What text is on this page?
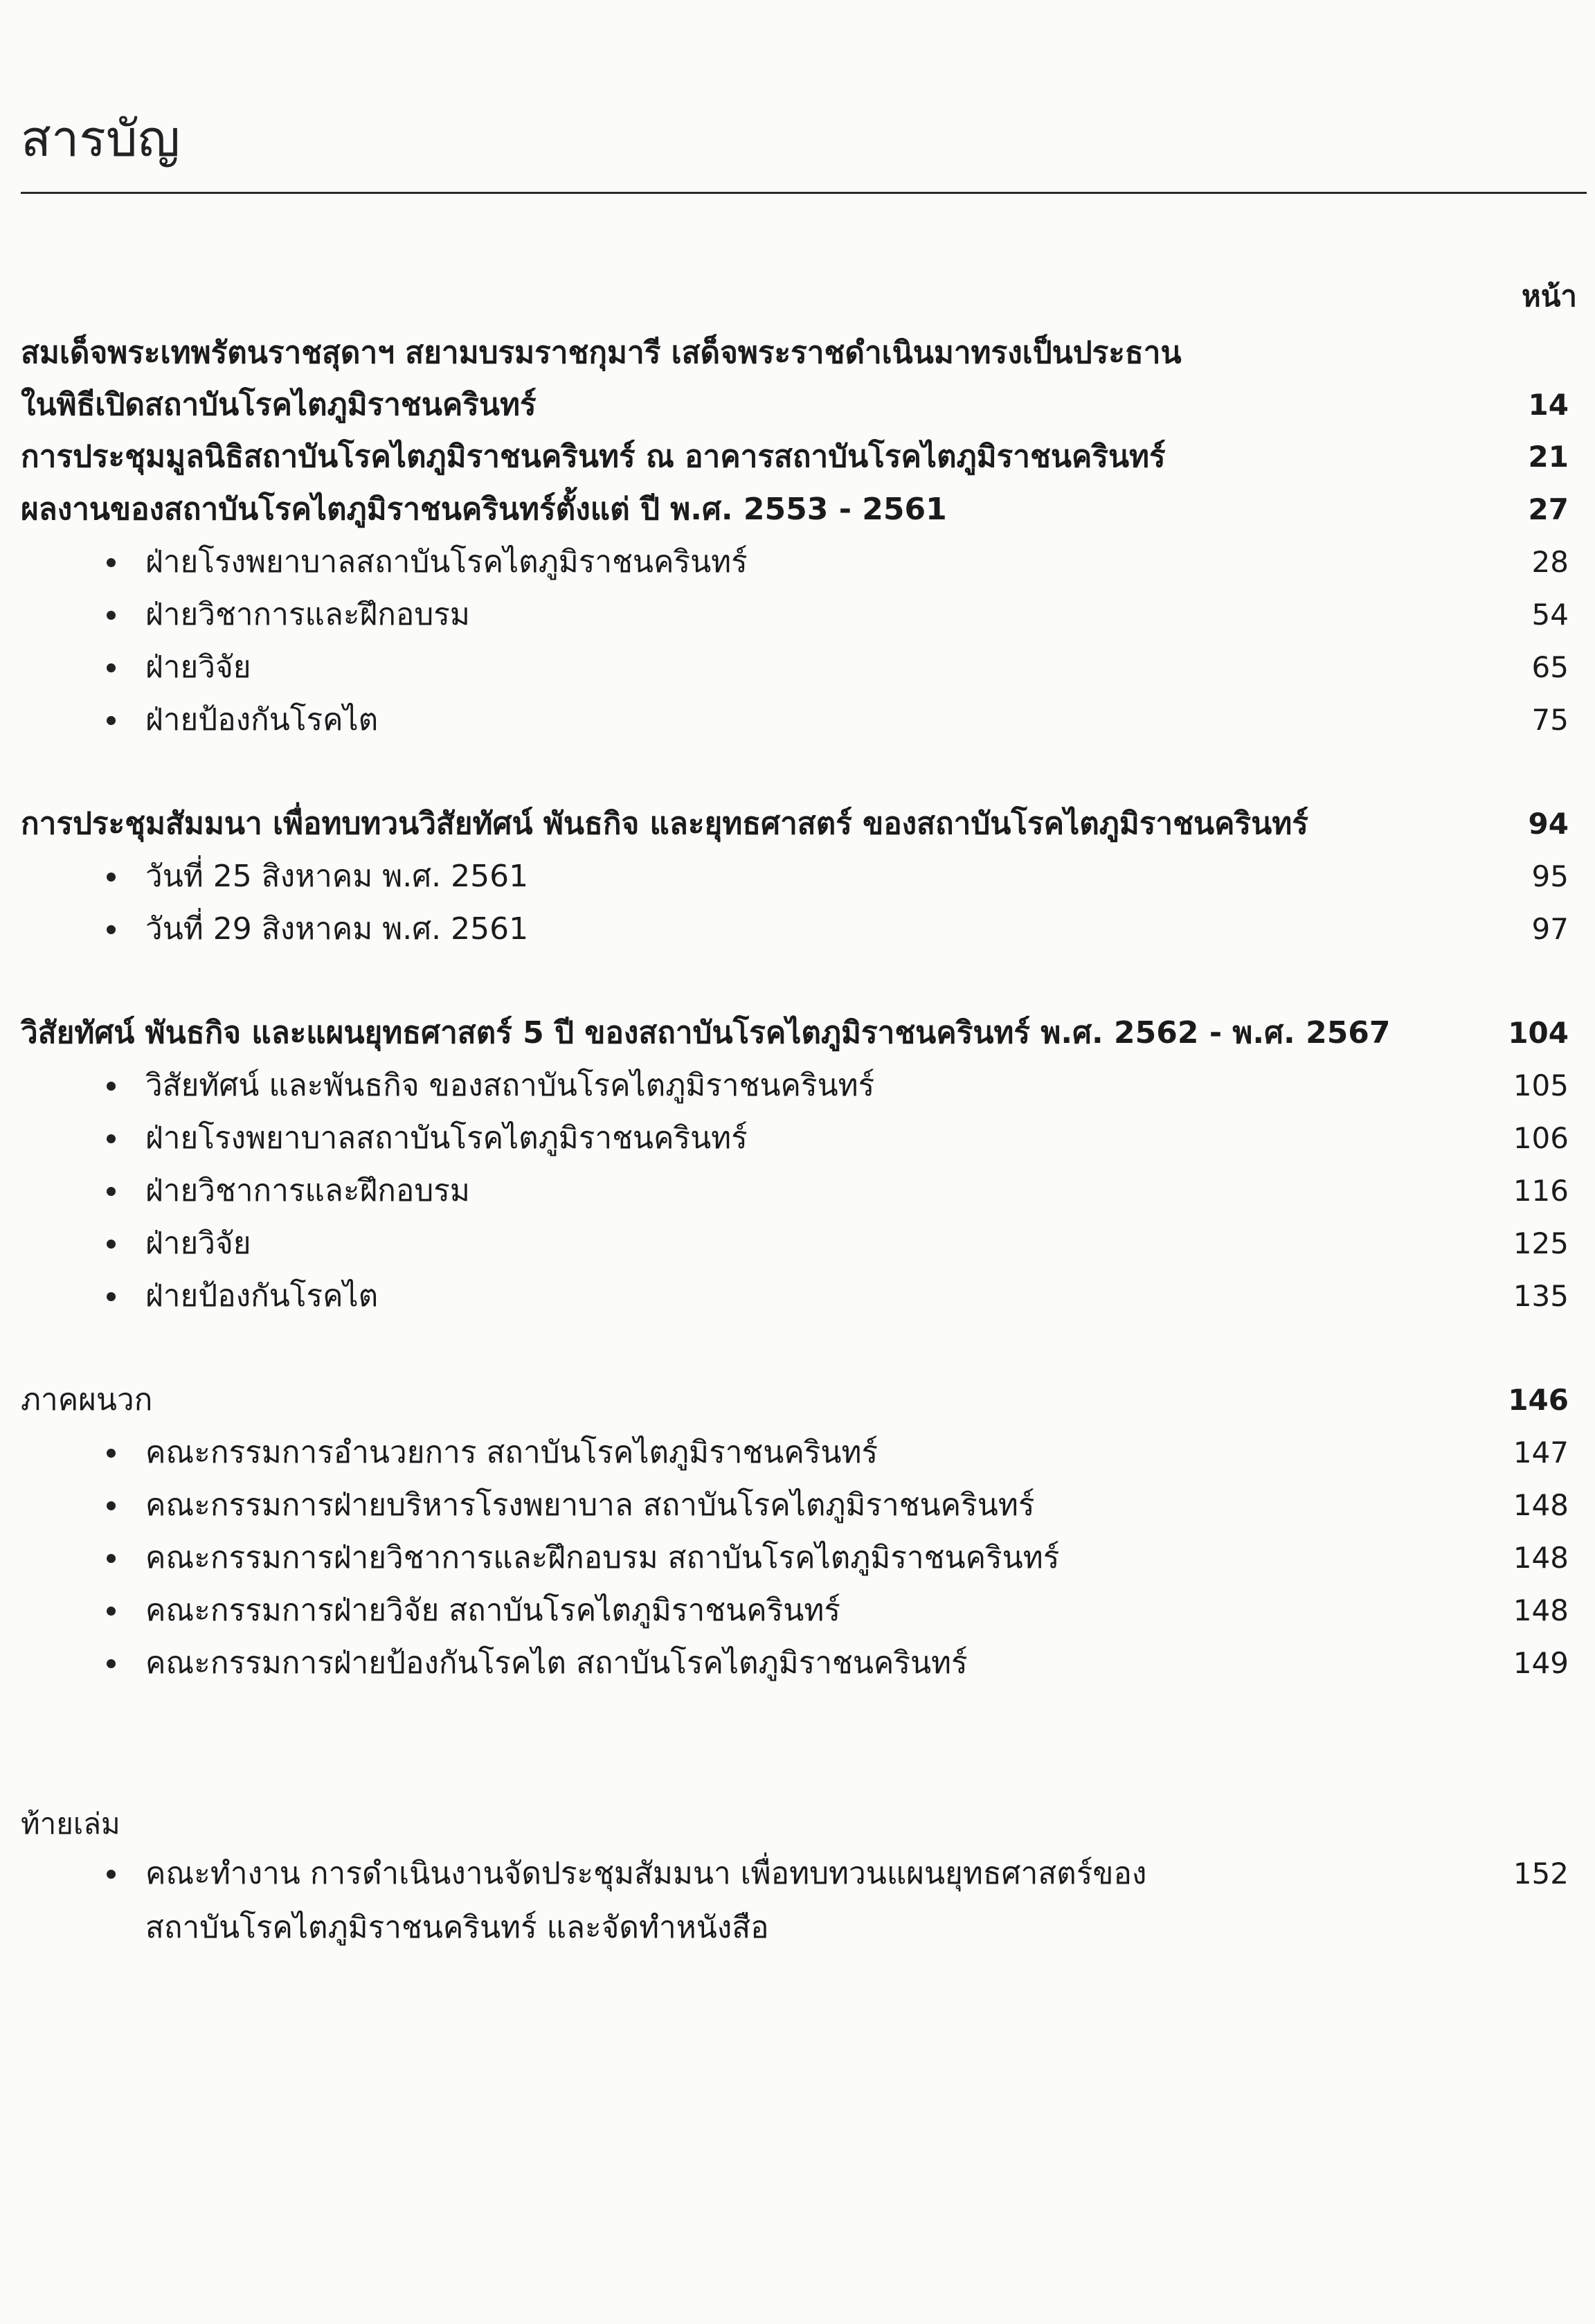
สารบัญ
หน้า
สมเด็จพระเทพรัตนราชสุดาฯ สยามบรมราชกุมารี เสด็จพระราชดำเนินมาทรงเป็นประธาน
ในพิธีเปิดสถาบันโรคไตภูมิราชนครินทร์	14
การประชุมมูลนิธิสถาบันโรคไตภูมิราชนครินทร์ ณ อาคารสถาบันโรคไตภูมิราชนครินทร์	21
ผลงานของสถาบันโรคไตภูมิราชนครินทร์ตั้งแต่ ปี พ.ศ. 2553 - 2561	27
ฝ่ายโรงพยาบาลสถาบันโรคไตภูมิราชนครินทร์	28
ฝ่ายวิชาการและฝึกอบรม	54
ฝ่ายวิจัย	65
ฝ่ายป้องกันโรคไต	75
การประชุมสัมมนา เพื่อทบทวนวิสัยทัศน์ พันธกิจ และยุทธศาสตร์ ของสถาบันโรคไตภูมิราชนครินทร์	94
วันที่ 25 สิงหาคม พ.ศ. 2561	95
วันที่ 29 สิงหาคม พ.ศ. 2561	97
วิสัยทัศน์ พันธกิจ และแผนยุทธศาสตร์ 5 ปี ของสถาบันโรคไตภูมิราชนครินทร์ พ.ศ. 2562 - พ.ศ. 2567	104
วิสัยทัศน์ และพันธกิจ ของสถาบันโรคไตภูมิราชนครินทร์	105
ฝ่ายโรงพยาบาลสถาบันโรคไตภูมิราชนครินทร์	106
ฝ่ายวิชาการและฝึกอบรม	116
ฝ่ายวิจัย	125
ฝ่ายป้องกันโรคไต	135
ภาคผนวก	146
คณะกรรมการอำนวยการ สถาบันโรคไตภูมิราชนครินทร์	147
คณะกรรมการฝ่ายบริหารโรงพยาบาล สถาบันโรคไตภูมิราชนครินทร์	148
คณะกรรมการฝ่ายวิชาการและฝึกอบรม สถาบันโรคไตภูมิราชนครินทร์	148
คณะกรรมการฝ่ายวิจัย สถาบันโรคไตภูมิราชนครินทร์	148
คณะกรรมการฝ่ายป้องกันโรคไต สถาบันโรคไตภูมิราชนครินทร์	149
ท้ายเล่ม
คณะทำงาน การดำเนินงานจัดประชุมสัมมนา เพื่อทบทวนแผนยุทธศาสตร์ของ	152
สถาบันโรคไตภูมิราชนครินทร์ และจัดทำหนังสือ
